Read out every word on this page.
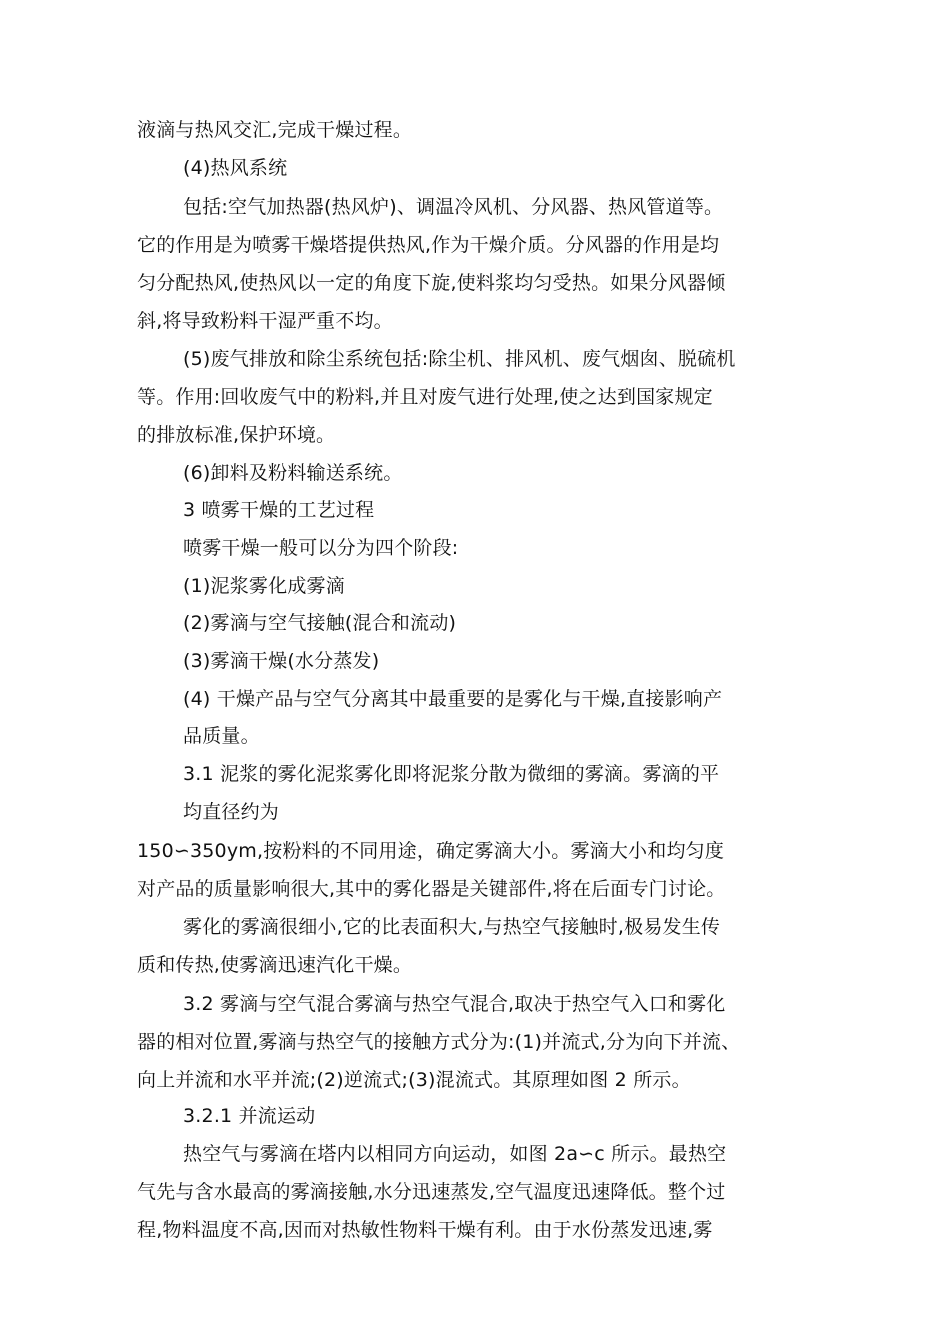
液滴与热风交汇,完成干燥过程。
(4)热风系统
包括:空气加热器(热风炉)、调温冷风机、分风器、热风管道等。
它的作用是为喷雾干燥塔提供热风,作为干燥介质。分风器的作用是均
匀分配热风,使热风以一定的角度下旋,使料浆均匀受热。如果分风器倾
斜,将导致粉料干湿严重不均。
(5)废气排放和除尘系统包括:除尘机、排风机、废气烟囱、脱硫机
等。作用:回收废气中的粉料,并且对废气进行处理,使之达到国家规定
的排放标准,保护环境。
(6)卸料及粉料输送系统。
3 喷雾干燥的工艺过程
喷雾干燥一般可以分为四个阶段:
(1)泥浆雾化成雾滴
(2)雾滴与空气接触(混合和流动)
(3)雾滴干燥(水分蒸发)
(4) 干燥产品与空气分离其中最重要的是雾化与干燥,直接影响产
品质量。
3.1 泥浆的雾化泥浆雾化即将泥浆分散为微细的雾滴。雾滴的平
均直径约为
150∽350ym,按粉料的不同用途，确定雾滴大小。雾滴大小和均匀度
对产品的质量影响很大,其中的雾化器是关键部件,将在后面专门讨论。
雾化的雾滴很细小,它的比表面积大,与热空气接触时,极易发生传
质和传热,使雾滴迅速汽化干燥。
3.2 雾滴与空气混合雾滴与热空气混合,取决于热空气入口和雾化
器的相对位置,雾滴与热空气的接触方式分为:(1)并流式,分为向下并流、
向上并流和水平并流;(2)逆流式;(3)混流式。其原理如图 2 所示。
3.2.1 并流运动
热空气与雾滴在塔内以相同方向运动，如图 2a∽c 所示。最热空
气先与含水最高的雾滴接触,水分迅速蒸发,空气温度迅速降低。整个过
程,物料温度不高,因而对热敏性物料干燥有利。由于水份蒸发迅速,雾
